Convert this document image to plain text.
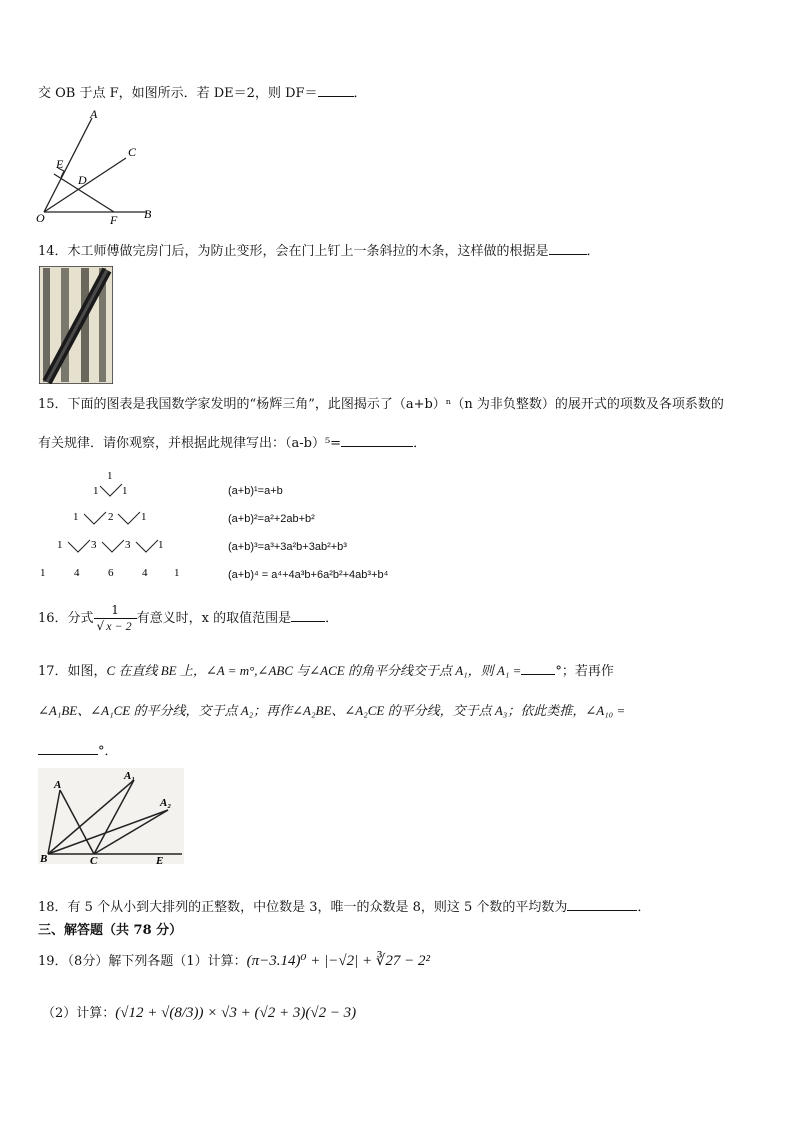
交 OB 于点 F，如图所示．若 DE＝2，则 DF＝	．
A
C
E
D
O	F B
14．木工师傅做完房门后，为防止变形，会在门上钉上一条斜拉的木条，这样做的根据是	．
15．下面的图表是我国数学家发明的“杨辉三角”，此图揭示了（a+b）ⁿ（n 为非负整数）的展开式的项数及各项系数的
有关规律．请你观察，并根据此规律写出：（a-b）⁵=	．
1
1 1
1	2	1
1	3	3	1
1	4	6	4 1
(a+b)¹=a+b
(a+b)²=a²+2ab+b²
(a+b)³=a³+3a²b+3ab²+b³
(a+b)⁴ = a⁴+4a³b+6a²b²+4ab³+b⁴
16．分式 $\frac{1}{√ x - 2}$ 有意义时，x 的取值范围是	．
17．如图，C 在直线 BE 上，∠A = m°,∠ABC 与∠ACE 的角平分线交于点 A₁，则 A₁ =	°；若再作
∠A₁BE、∠A₁CE 的平分线，交于点 A₂；再作∠A₂BE、∠A₂CE 的平分线，交于点 A₃；依此类推，∠A₁₀ =
°．
A
A₁
A₂
B	C	E
18．有 5 个从小到大排列的正整数，中位数是 3，唯一的众数是 8，则这 5 个数的平均数为	．
三、解答题（共 78 分）
19．（8分）解下列各题（1）计算：(π−3.14)⁰ + |−√2| + ∛27 − 2²
（2）计算：(√12 + √(8/3)) × √3 + (√2 + 3)(√2 − 3)
